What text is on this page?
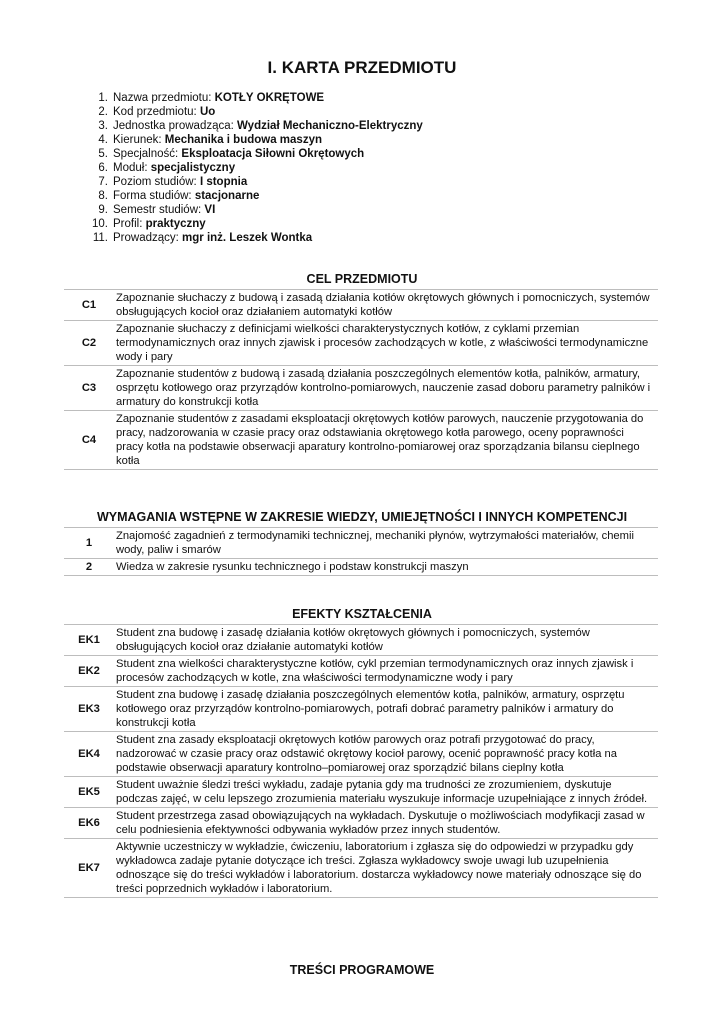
I. KARTA PRZEDMIOTU
1. Nazwa przedmiotu: KOTŁY OKRĘTOWE
2. Kod przedmiotu: Uo
3. Jednostka prowadząca: Wydział Mechaniczno-Elektryczny
4. Kierunek: Mechanika i budowa maszyn
5. Specjalność: Eksploatacja Siłowni Okrętowych
6. Moduł: specjalistyczny
7. Poziom studiów: I stopnia
8. Forma studiów: stacjonarne
9. Semestr studiów: VI
10. Profil: praktyczny
11. Prowadzący: mgr inż. Leszek Wontka
CEL PRZEDMIOTU
C1	Zapoznanie słuchaczy z budową i zasadą działania kotłów okrętowych głównych i pomocniczych, systemów obsługujących kocioł oraz działaniem automatyki kotłów
C2	Zapoznanie słuchaczy z definicjami wielkości charakterystycznych kotłów, z cyklami przemian termodynamicznych oraz innych zjawisk i procesów zachodzących w kotle, z właściwości termodynamiczne wody i pary
C3	Zapoznanie studentów z budową i zasadą działania poszczególnych elementów kotła, palników, armatury, osprzętu kotłowego oraz przyrządów kontrolno-pomiarowych, nauczenie zasad doboru parametry palników i armatury do konstrukcji kotła
C4	Zapoznanie studentów z zasadami eksploatacji okrętowych kotłów parowych, nauczenie przygotowania do pracy, nadzorowania w czasie pracy oraz odstawiania okrętowego kotła parowego, oceny poprawności pracy kotła na podstawie obserwacji aparatury kontrolno-pomiarowej oraz sporządzania bilansu cieplnego kotła
WYMAGANIA WSTĘPNE W ZAKRESIE WIEDZY, UMIEJĘTNOŚCI I INNYCH KOMPETENCJI
1	Znajomość zagadnień z termodynamiki technicznej, mechaniki płynów, wytrzymałości materiałów, chemii wody, paliw i smarów
2	Wiedza w zakresie rysunku technicznego i podstaw konstrukcji maszyn
EFEKTY KSZTAŁCENIA
EK1	Student zna budowę i zasadę działania kotłów okrętowych głównych i pomocniczych, systemów obsługujących kocioł oraz działanie automatyki kotłów
EK2	Student zna wielkości charakterystyczne kotłów, cykl przemian termodynamicznych oraz innych zjawisk i procesów zachodzących w kotle, zna właściwości termodynamiczne wody i pary
EK3	Student zna budowę i zasadę działania poszczególnych elementów kotła, palników, armatury, osprzętu kotłowego oraz przyrządów kontrolno-pomiarowych, potrafi dobrać parametry palników i armatury do konstrukcji kotła
EK4	Student zna zasady eksploatacji okrętowych kotłów parowych oraz potrafi przygotować do pracy, nadzorować w czasie pracy oraz odstawić okrętowy kocioł parowy, ocenić poprawność pracy kotła na podstawie obserwacji aparatury kontrolno–pomiarowej oraz sporządzić bilans cieplny kotła
EK5	Student uważnie śledzi treści wykładu, zadaje pytania gdy ma trudności ze zrozumieniem, dyskutuje podczas zajęć, w celu lepszego zrozumienia materiału wyszukuje informacje uzupełniające z innych źródeł.
EK6	Student przestrzega zasad obowiązujących na wykładach. Dyskutuje o możliwościach modyfikacji zasad w celu podniesienia efektywności odbywania wykładów przez innych studentów.
EK7	Aktywnie uczestniczy w wykładzie, ćwiczeniu, laboratorium i zgłasza się do odpowiedzi w przypadku gdy wykładowca zadaje pytanie dotyczące ich treści. Zgłasza wykładowcy swoje uwagi lub uzupełnienia odnoszące się do treści wykładów i laboratorium. dostarcza wykładowcy nowe materiały odnoszące się do treści poprzednich wykładów i laboratorium.
TREŚCI PROGRAMOWE
